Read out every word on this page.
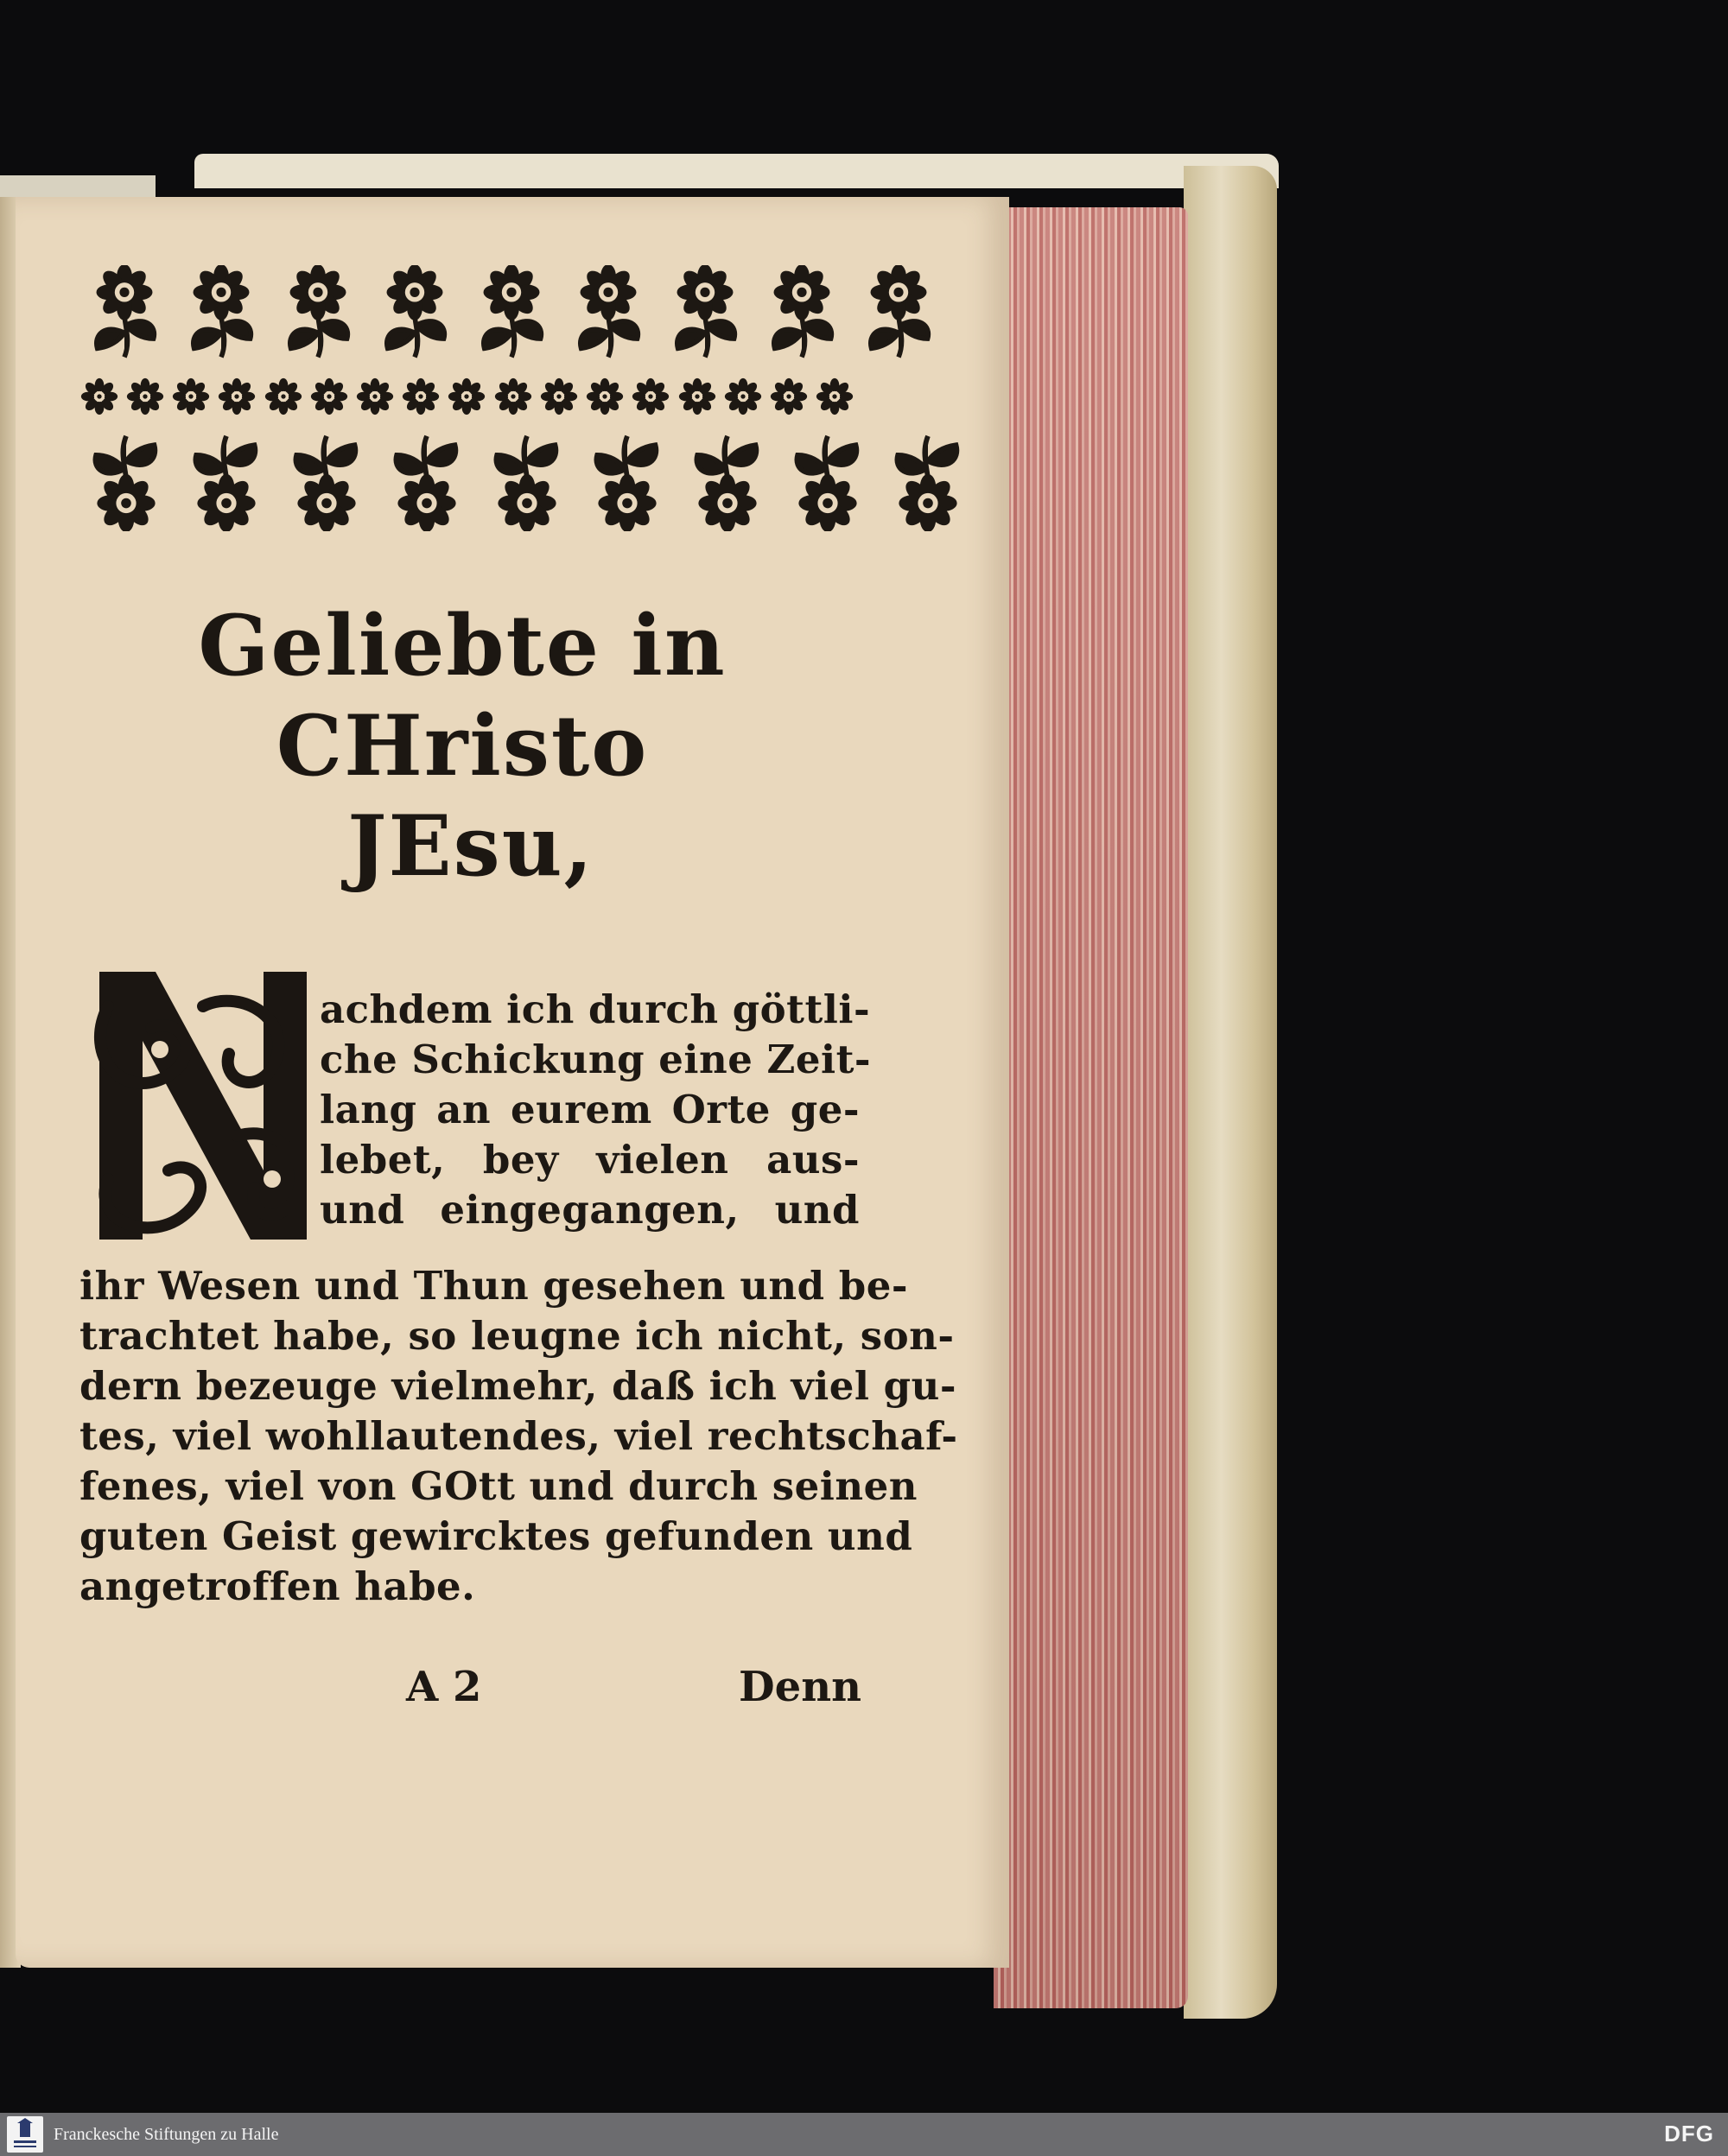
Geliebte in CHristo
JEsu,
achdem ich durch göttli-
che Schickung eine Zeit-
lang an eurem Orte ge-
lebet, bey vielen aus-
und eingegangen, und
ihr Wesen und Thun gesehen und be-
trachtet habe, so leugne ich nicht, son-
dern bezeuge vielmehr, daß ich viel gu-
tes, viel wohllautendes, viel rechtschaf-
fenes, viel von GOtt und durch seinen
guten Geist gewircktes gefunden und
angetroffen habe.
A 2	Denn
Franckesche Stiftungen zu Halle	DFG
